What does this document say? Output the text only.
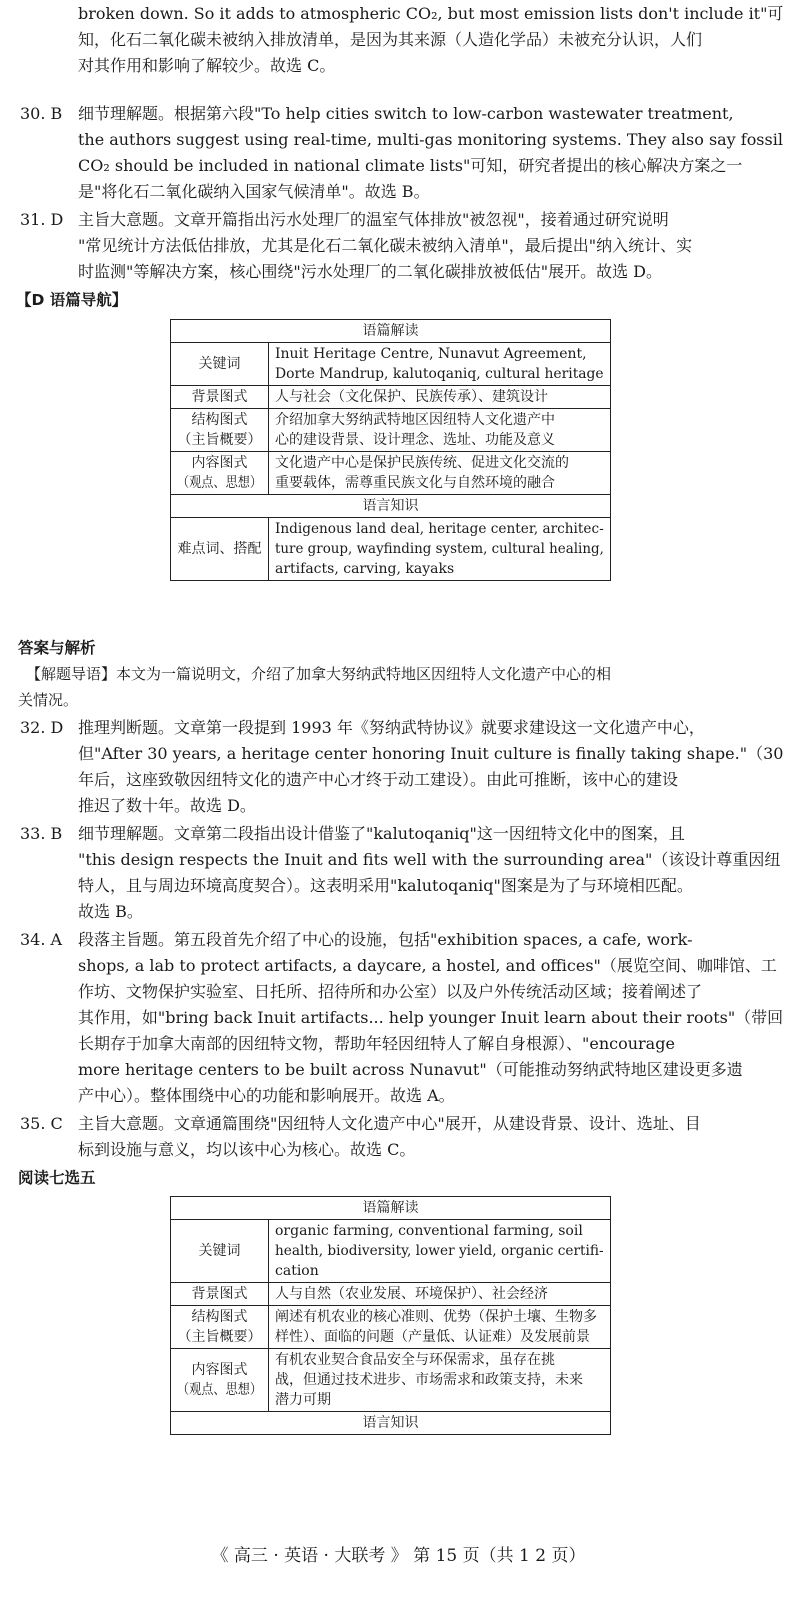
broken down. So it adds to atmospheric CO₂, but most emission lists don't include it"可
知，化石二氧化碳未被纳入排放清单，是因为其来源（人造化学品）未被充分认识，人们
对其作用和影响了解较少。故选 C。
30. B 细节理解题。根据第六段"To help cities switch to low-carbon wastewater treatment,
the authors suggest using real-time, multi-gas monitoring systems. They also say fossil
CO₂ should be included in national climate lists"可知，研究者提出的核心解决方案之一
是"将化石二氧化碳纳入国家气候清单"。故选 B。
31. D 主旨大意题。文章开篇指出污水处理厂的温室气体排放"被忽视"，接着通过研究说明
"常见统计方法低估排放，尤其是化石二氧化碳未被纳入清单"，最后提出"纳入统计、实
时监测"等解决方案，核心围绕"污水处理厂的二氧化碳排放被低估"展开。故选 D。
【D 语篇导航】
语篇解读	

关键词	Inuit Heritage Centre, Nunavut Agreement,
Dorte Mandrup, kalutoqaniq, cultural heritage

背景图式	人与社会（文化保护、民族传承）、建筑设计

结构图式
（主旨概要）	介绍加拿大努纳武特地区因纽特人文化遗产中
心的建设背景、设计理念、选址、功能及意义

内容图式
（观点、思想）	文化遗产中心是保护民族传统、促进文化交流的
重要载体，需尊重民族文化与自然环境的融合

语言知识	

难点词、搭配	Indigenous land deal, heritage center, architec-
ture group, wayfinding system, cultural healing,
artifacts, carving, kayaks
答案与解析
【解题导语】本文为一篇说明文，介绍了加拿大努纳武特地区因纽特人文化遗产中心的相
关情况。
32. D 推理判断题。文章第一段提到 1993 年《努纳武特协议》就要求建设这一文化遗产中心，
但"After 30 years, a heritage center honoring Inuit culture is finally taking shape."（30
年后，这座致敬因纽特文化的遗产中心才终于动工建设）。由此可推断，该中心的建设
推迟了数十年。故选 D。
33. B 细节理解题。文章第二段指出设计借鉴了"kalutoqaniq"这一因纽特文化中的图案，且
"this design respects the Inuit and fits well with the surrounding area"（该设计尊重因纽
特人，且与周边环境高度契合）。这表明采用"kalutoqaniq"图案是为了与环境相匹配。
故选 B。
34. A 段落主旨题。第五段首先介绍了中心的设施，包括"exhibition spaces, a cafe, work-
shops, a lab to protect artifacts, a daycare, a hostel, and offices"（展览空间、咖啡馆、工
作坊、文物保护实验室、日托所、招待所和办公室）以及户外传统活动区域；接着阐述了
其作用，如"bring back Inuit artifacts... help younger Inuit learn about their roots"（带回
长期存于加拿大南部的因纽特文物，帮助年轻因纽特人了解自身根源）、"encourage
more heritage centers to be built across Nunavut"（可能推动努纳武特地区建设更多遗
产中心）。整体围绕中心的功能和影响展开。故选 A。
35. C 主旨大意题。文章通篇围绕"因纽特人文化遗产中心"展开，从建设背景、设计、选址、目
标到设施与意义，均以该中心为核心。故选 C。
阅读七选五
语篇解读	

关键词	organic farming, conventional farming, soil
health, biodiversity, lower yield, organic certifi-
cation

背景图式	人与自然（农业发展、环境保护）、社会经济

结构图式
（主旨概要）	阐述有机农业的核心准则、优势（保护土壤、生物多
样性）、面临的问题（产量低、认证难）及发展前景

内容图式
（观点、思想）	有机农业契合食品安全与环保需求，虽存在挑
战，但通过技术进步、市场需求和政策支持，未来
潜力可期

语言知识	
《 高三 · 英语 · 大联考 》 第 15 页（共 1 2 页）
